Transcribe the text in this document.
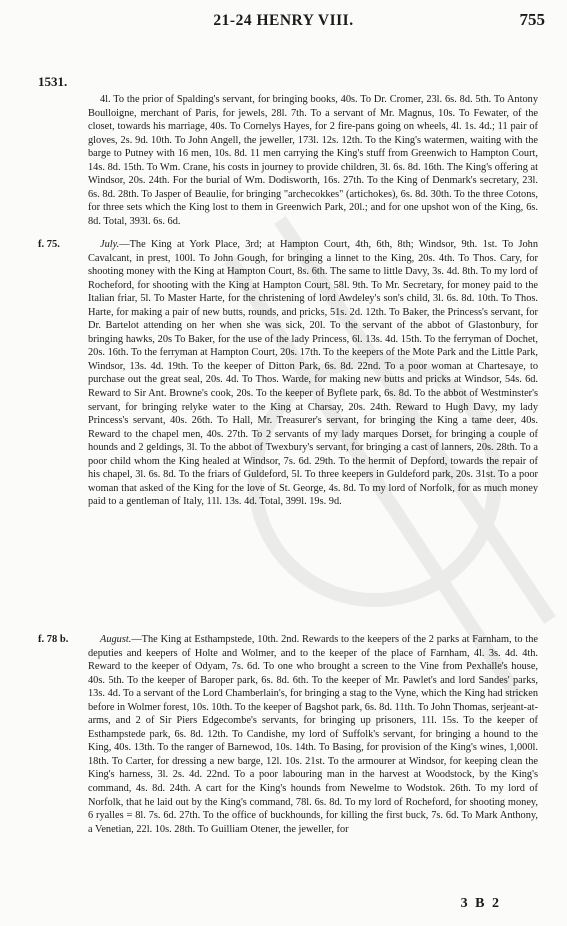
21-24 HENRY VIII.	755
1531.

4l. To the prior of Spalding's servant, for bringing books, 40s. To Dr. Cromer, 23l. 6s. 8d. 5th. To Antony Boulloigne, merchant of Paris, for jewels, 28l. 7th. To a servant of Mr. Magnus, 10s. To Fewater, of the closet, towards his marriage, 40s. To Cornelys Hayes, for 2 fire-pans going on wheels, 4l. 1s. 4d.; 11 pair of gloves, 2s. 9d. 10th. To John Angell, the jeweller, 173l. 12s. 12th. To the King's watermen, waiting with the barge to Putney with 16 men, 10s. 8d. 11 men carrying the King's stuff from Greenwich to Hampton Court, 14s. 8d. 15th. To Wm. Crane, his costs in journey to provide children, 3l. 6s. 8d. 16th. The King's offering at Windsor, 20s. 24th. For the burial of Wm. Dodisworth, 16s. 27th. To the King of Denmark's secretary, 23l. 6s. 8d. 28th. To Jasper of Beaulie, for bringing "archecokkes" (artichokes), 6s. 8d. 30th. To the three Cotons, for three sets which the King lost to them in Greenwich Park, 20l.; and for one upshot won of the King, 6s. 8d. Total, 393l. 6s. 6d.

f. 75.	July.—The King at York Place, 3rd; at Hampton Court, 4th, 6th, 8th; Windsor, 9th. 1st. To John Cavalcant, in prest, 100l. To John Gough, for bringing a linnet to the King, 20s. 4th. To Thos. Cary, for shooting money with the King at Hampton Court, 8s. 6th. The same to little Davy, 3s. 4d. 8th. To my lord of Rocheford, for shooting with the King at Hampton Court, 58l. 9th. To Mr. Secretary, for money paid to the Italian friar, 5l. To Master Harte, for the christening of lord Awdeley's son's child, 3l. 6s. 8d. 10th. To Thos. Harte, for making a pair of new butts, rounds, and pricks, 51s. 2d. 12th. To Baker, the Princess's servant, for Dr. Bartelot attending on her when she was sick, 20l. To the servant of the abbot of Glastonbury, for bringing hawks, 20s To Baker, for the use of the lady Princess, 6l. 13s. 4d. 15th. To the ferryman of Dochet, 20s. 16th. To the ferryman at Hampton Court, 20s. 17th. To the keepers of the Mote Park and the Little Park, Windsor, 13s. 4d. 19th. To the keeper of Ditton Park, 6s. 8d. 22nd. To a poor woman at Chartesaye, to purchase out the great seal, 20s. 4d. To Thos. Warde, for making new butts and pricks at Windsor, 54s. 6d. Reward to Sir Ant. Browne's cook, 20s. To the keeper of Byflete park, 6s. 8d. To the abbot of Westminster's servant, for bringing relyke water to the King at Charsay, 20s. 24th. Reward to Hugh Davy, my lady Princess's servant, 40s. 26th. To Hall, Mr. Treasurer's servant, for bringing the King a tame deer, 40s. Reward to the chapel men, 40s. 27th. To 2 servants of my lady marques Dorset, for bringing a couple of hounds and 2 geldings, 3l. To the abbot of Twexbury's servant, for bringing a cast of lanners, 20s. 28th. To a poor child whom the King healed at Windsor, 7s. 6d. 29th. To the hermit of Depford, towards the repair of his chapel, 3l. 6s. 8d. To the friars of Guldeford, 5l. To three keepers in Guldeford park, 20s. 31st. To a poor woman that asked of the King for the love of St. George, 4s. 8d. To my lord of Norfolk, for as much money paid to a gentleman of Italy, 11l. 13s. 4d. Total, 399l. 19s. 9d.

f. 78 b.	August.—The King at Esthampstede, 10th. 2nd. Rewards to the keepers of the 2 parks at Farnham, to the deputies and keepers of Holte and Wolmer, and to the keeper of the place of Farnham, 4l. 3s. 4d. 4th. Reward to the keeper of Odyam, 7s. 6d. To one who brought a screen to the Vine from Pexhalle's house, 40s. 5th. To the keeper of Baroper park, 6s. 8d. 6th. To the keeper of Mr. Pawlet's and lord Sandes' parks, 13s. 4d. To a servant of the Lord Chamberlain's, for bringing a stag to the Vyne, which the King had stricken before in Wolmer forest, 10s. 10th. To the keeper of Bagshot park, 6s. 8d. 11th. To John Thomas, serjeant-at-arms, and 2 of Sir Piers Edgecombe's servants, for bringing up prisoners, 11l. 15s. To the keeper of Esthampstede park, 6s. 8d. 12th. To Candishe, my lord of Suffolk's servant, for bringing a hound to the King, 40s. 13th. To the ranger of Barnewod, 10s. 14th. To Basing, for provision of the King's wines, 1,000l. 18th. To Carter, for dressing a new barge, 12l. 10s. 21st. To the armourer at Windsor, for keeping clean the King's harness, 3l. 2s. 4d. 22nd. To a poor labouring man in the harvest at Woodstock, by the King's command, 4s. 8d. 24th. A cart for the King's hounds from Newelme to Wodstok. 26th. To my lord of Norfolk, that he laid out by the King's command, 78l. 6s. 8d. To my lord of Rocheford, for shooting money, 6 ryalles = 8l. 7s. 6d. 27th. To the office of buckhounds, for killing the first buck, 7s. 6d. To Mark Anthony, a Venetian, 22l. 10s. 28th. To Guilliam Otener, the jeweller, for

3 B 2
